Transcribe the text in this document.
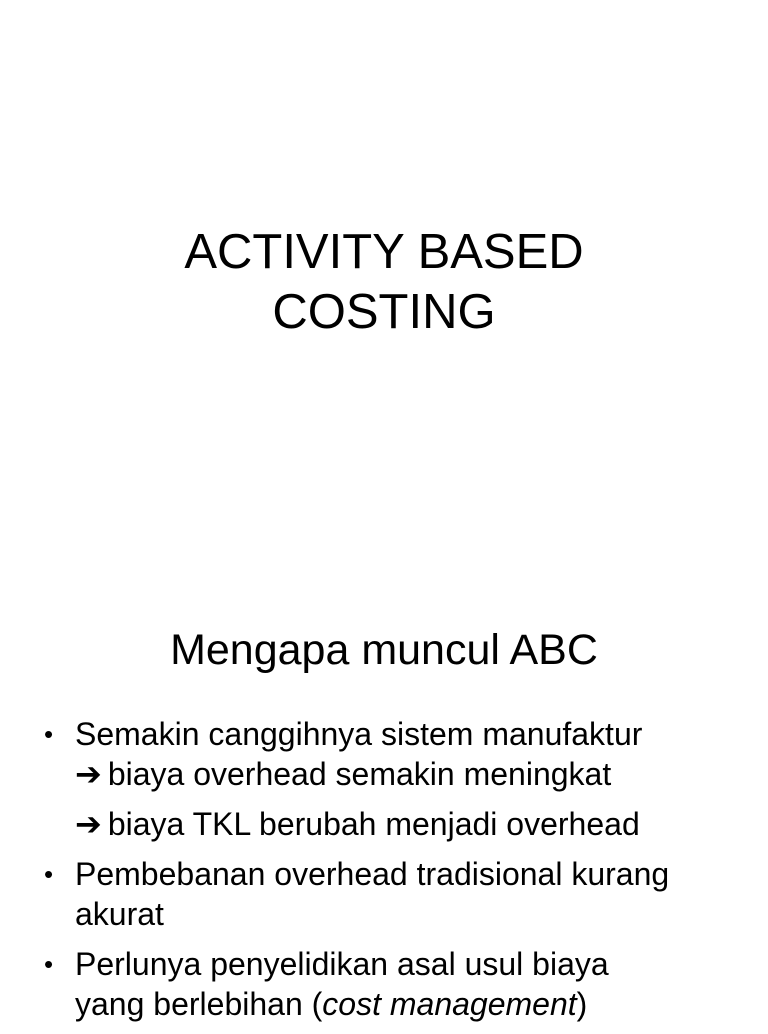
ACTIVITY BASED
COSTING
Mengapa muncul ABC
• Semakin canggihnya sistem manufaktur
➔ biaya overhead semakin meningkat
➔ biaya TKL berubah menjadi overhead
• Pembebanan overhead tradisional kurang
akurat
• Perlunya penyelidikan asal usul biaya
yang berlebihan (cost management)
